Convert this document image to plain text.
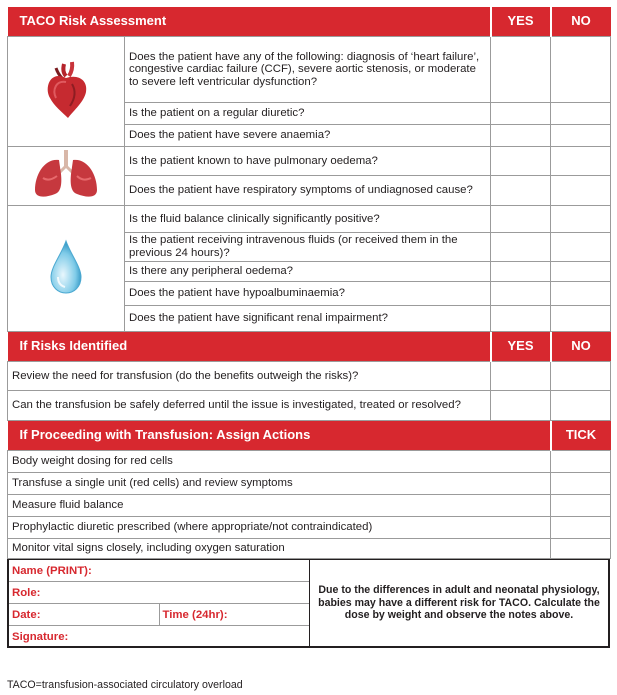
TACO Risk Assessment		YES	NO
	Does the patient have any of the following: diagnosis of ‘heart failure’, congestive cardiac failure (CCF), severe aortic stenosis, or moderate to severe left ventricular dysfunction?		
	Is the patient on a regular diuretic?		
	Does the patient have severe anaemia?		
	Is the patient known to have pulmonary oedema?		
	Does the patient have respiratory symptoms of undiagnosed cause?		
	Is the fluid balance clinically significantly positive?		
	Is the patient receiving intravenous fluids (or received them in the previous 24 hours)?		
	Is there any peripheral oedema?		
	Does the patient have hypoalbuminaemia?		
	Does the patient have significant renal impairment?		
If Risks Identified	YES	NO
Review the need for transfusion (do the benefits outweigh the risks)?		
Can the transfusion be safely deferred until the issue is investigated, treated or resolved?		
If Proceeding with Transfusion: Assign Actions	TICK
Body weight dosing for red cells	
Transfuse a single unit (red cells) and review symptoms	
Measure fluid balance	
Prophylactic diuretic prescribed (where appropriate/not contraindicated)	
Monitor vital signs closely, including oxygen saturation	
Name (PRINT):
Role:
Date:	Time (24hr):
Signature:
Due to the differences in adult and neonatal physiology, babies may have a different risk for TACO. Calculate the dose by weight and observe the notes above.
TACO=transfusion-associated circulatory overload
